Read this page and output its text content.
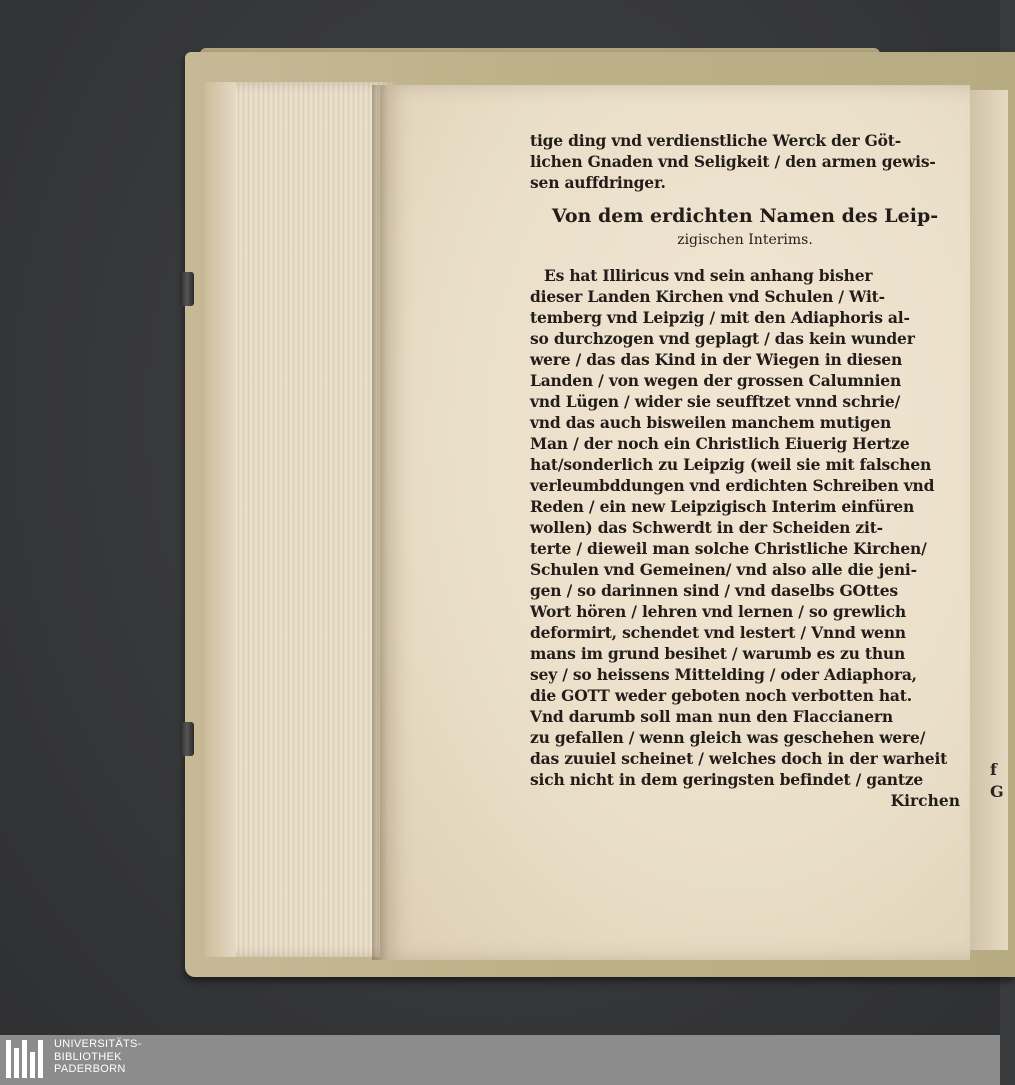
f
G
tige ding vnd verdienstliche Werck der Göt-
lichen Gnaden vnd Seligkeit / den armen gewis-
sen auffdringer.
Von dem erdichten Namen des Leip-
zigischen Interims.
Es hat Illiricus vnd sein anhang bisher
dieser Landen Kirchen vnd Schulen / Wit-
temberg vnd Leipzig / mit den Adiaphoris al-
so durchzogen vnd geplagt / das kein wunder
were / das das Kind in der Wiegen in diesen
Landen / von wegen der grossen Calumnien
vnd Lügen / wider sie seufftzet vnnd schrie/
vnd das auch bisweilen manchem mutigen
Man / der noch ein Christlich Eiuerig Hertze
hat/sonderlich zu Leipzig (weil sie mit falschen
verleumbddungen vnd erdichten Schreiben vnd
Reden / ein new Leipzigisch Interim einfüren
wollen) das Schwerdt in der Scheiden zit-
terte / dieweil man solche Christliche Kirchen/
Schulen vnd Gemeinen/ vnd also alle die jeni-
gen / so darinnen sind / vnd daselbs GOttes
Wort hören / lehren vnd lernen / so grewlich
deformirt, schendet vnd lestert / Vnnd wenn
mans im grund besihet / warumb es zu thun
sey / so heissens Mittelding / oder Adiaphora,
die GOTT weder geboten noch verbotten hat.
Vnd darumb soll man nun den Flaccianern
zu gefallen / wenn gleich was geschehen were/
das zuuiel scheinet / welches doch in der warheit
sich nicht in dem geringsten befindet / gantze
Kirchen
UNIVERSITÄTS-
BIBLIOTHEK
PADERBORN
